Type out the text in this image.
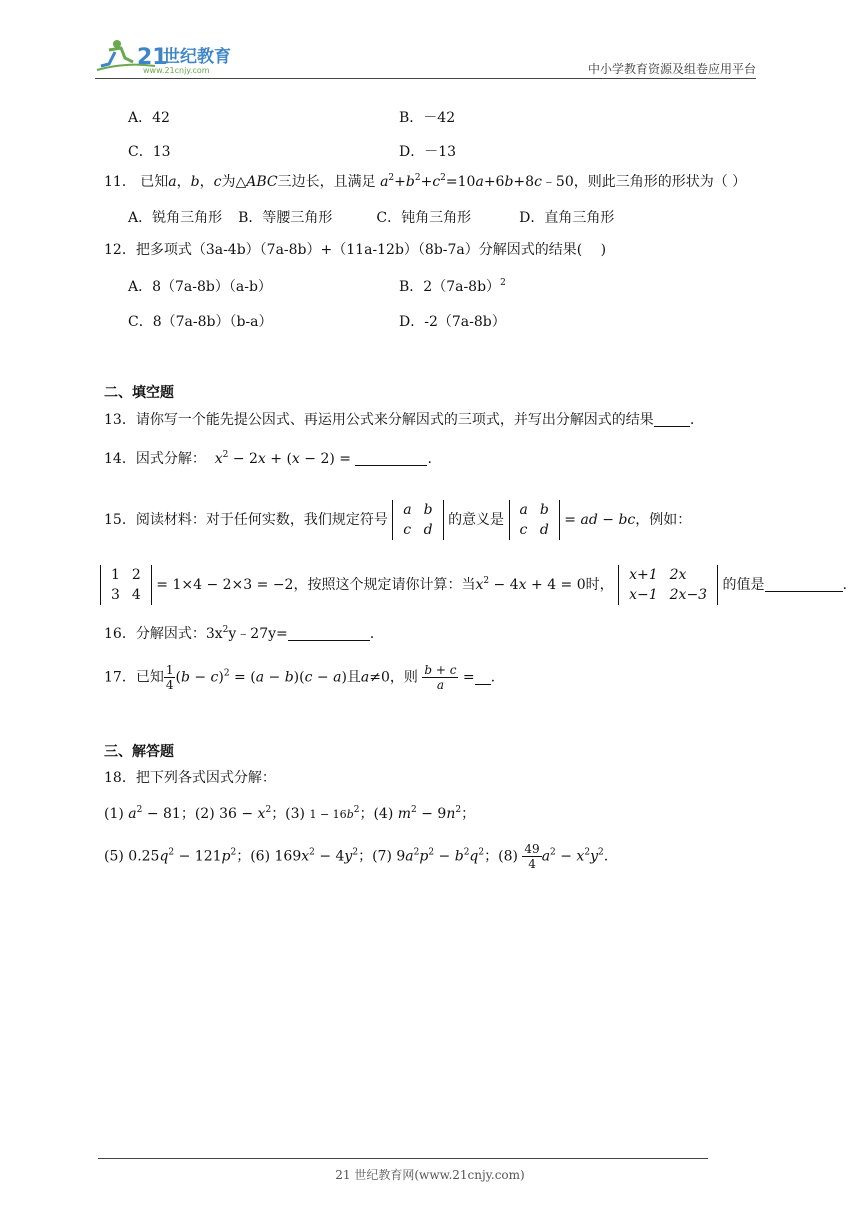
21
世纪教育
www.21cnjy.com	中小学教育资源及组卷应用平台
A．42	B．－42
C．13	D．－13
11． 已知a，b，c为△ABC三边长，且满足 $a^2+b^2+c^2=10a+6b+8c﹣50$，则此三角形的形状为（ ）
A．锐角三角形 B．等腰三角形	C．钝角三角形	D．直角三角形
12．把多项式（3a-4b）（7a-8b）+（11a-12b）（8b-7a）分解因式的结果(　 )
A．8（7a-8b）（a-b）	B．$2(7a-8b)^2$
C．8（7a-8b）（b-a）	D．-2（7a-8b）
二、填空题
13．请你写一个能先提公因式、再运用公式来分解因式的三项式，并写出分解因式的结果	.
14．因式分解： $x^2 - 2x + (x - 2)$ =	.
15．阅读材料：对于任何实数，我们规定符号
a	b
c	d
的意义是
a	b
c	d
= ad − bc，例如：
1	2
3	4
= 1×4 − 2×3 = −2，按照这个规定请你计算：当$x^2 - 4x + 4 = 0$时，
x+1	2x
x−1	2x−3
的值是	.
16．分解因式：$3x^2y﹣27y=$	.
17．已知 $\frac{1}{4} (b - c)^2 = (a - b)(c - a)$且a≠0，则 $\frac{b + c}{a}$ = .
三、解答题
18．把下列各式因式分解：
(1) $a^2 - 81$；(2) $36 - x^2$；(3) $1 - 16b^2$；(4) $m^2 - 9n^2$；
(5) $0.25q^2 - 121p^2$；(6) $169x^2 - 4y^2$；(7) $9a^2p^2 - b^2q^2$；$(8) \frac{49}{4} a^2 - x^2y^2$.
21 世纪教育网(www.21cnjy.com)
